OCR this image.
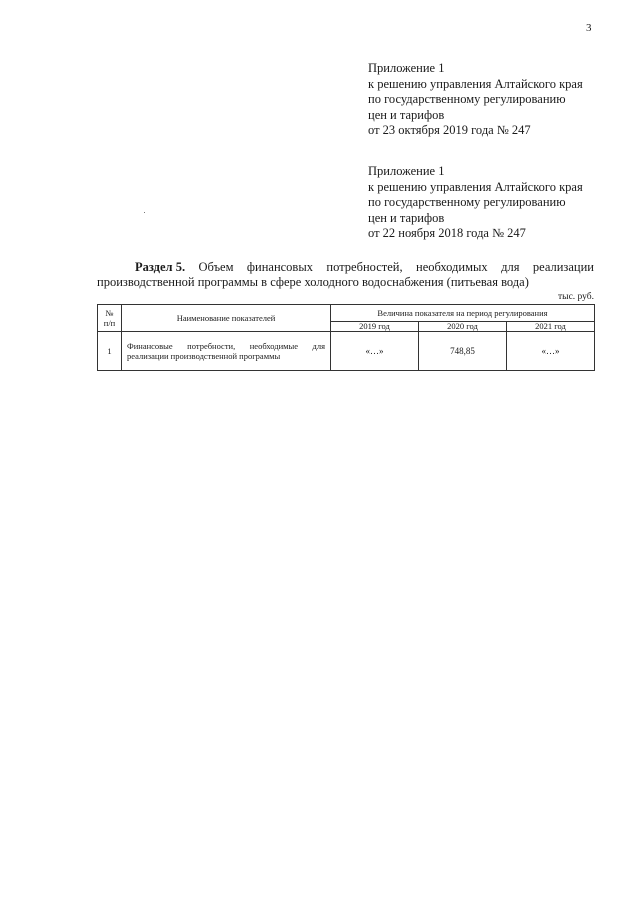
3
Приложение 1
к решению управления Алтайского края
по государственному регулированию
цен и тарифов
от 23 октября 2019 года № 247
Приложение 1
к решению управления Алтайского края
по государственному регулированию
цен и тарифов
от 22 ноября 2018 года № 247
Раздел 5. Объем финансовых потребностей, необходимых для реализации
производственной программы в сфере холодного водоснабжения (питьевая вода)
тыс. руб.
№ п/п	Наименование показателей	Величина показателя на период регулирования		
		2019 год	2020 год	2021 год
1	Финансовые потребности, необходимые для реализации производственной программы	«…»	748,85	«…»
